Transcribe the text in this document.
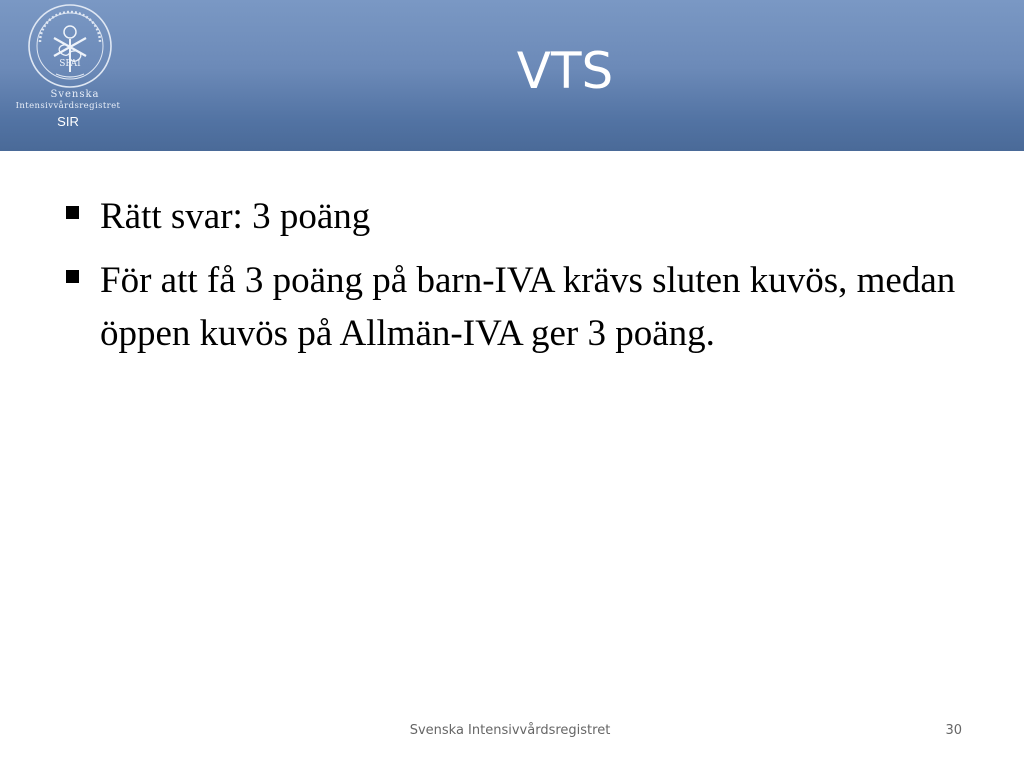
SPAI
Svenska
Intensivvårdsregistret
SIR
VTS
Rätt svar: 3 poäng
För att få 3 poäng på barn-IVA krävs sluten kuvös, medan öppen kuvös på Allmän-IVA ger 3 poäng.
Svenska Intensivvårdsregistret	30
